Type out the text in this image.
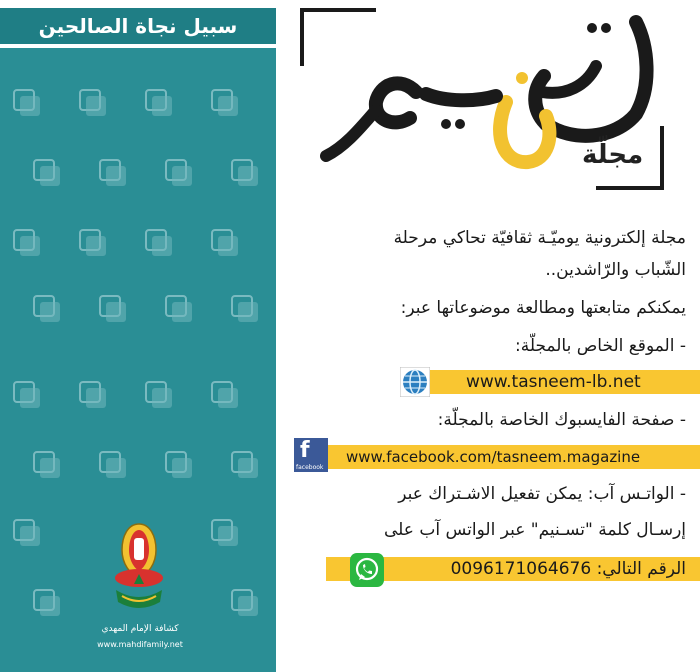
سبيل نجاة الصالحين
كشافة الإمام المهدي
www.mahdifamily.net
مجلّة
مجلة إلكترونية يوميّـة ثقافيّة تحاكي مرحلة
الشّباب والرّاشدين..
يمكنكم متابعتها ومطالعة موضوعاتها عبر:
- الموقع الخاص بالمجلّة:
www.tasneem-lb.net
- صفحة الفايسبوك الخاصة بالمجلّة:
f
facebook
www.facebook.com/tasneem.magazine
- الواتـس آب: يمكن تفعيل الاشـتراك عبر
إرسـال كلمة "تسـنيم" عبر الواتس آب على
الرقم التالي: 0096171064676
